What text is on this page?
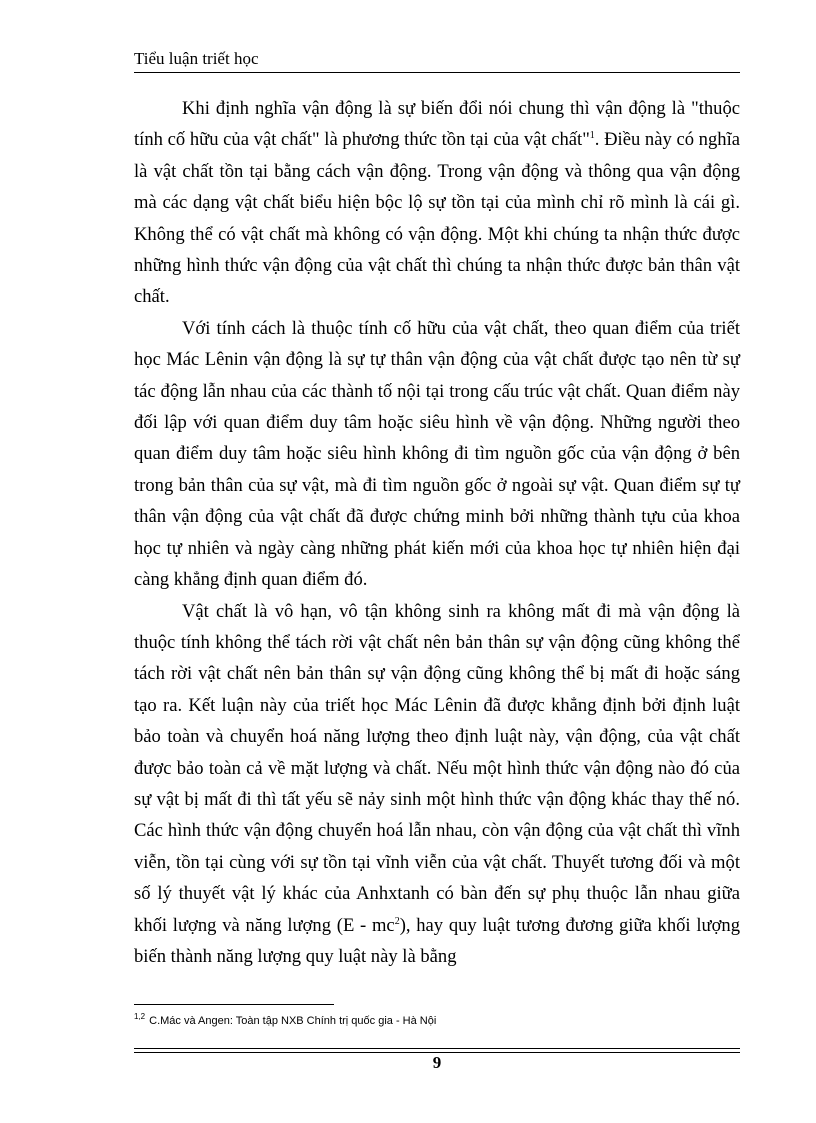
Tiểu luận triết học

Khi định nghĩa vận động là sự biến đổi nói chung thì vận động là "thuộc tính cố hữu của vật chất" là phương thức tồn tại của vật chất"$^1$. Điều này có nghĩa là vật chất tồn tại bằng cách vận động. Trong vận động và thông qua vận động mà các dạng vật chất biểu hiện bộc lộ sự tồn tại của mình chỉ rõ mình là cái gì. Không thể có vật chất mà không có vận động. Một khi chúng ta nhận thức được những hình thức vận động của vật chất thì chúng ta nhận thức được bản thân vật chất.

Với tính cách là thuộc tính cố hữu của vật chất, theo quan điểm của triết học Mác Lênin vận động là sự tự thân vận động của vật chất được tạo nên từ sự tác động lẫn nhau của các thành tố nội tại trong cấu trúc vật chất. Quan điểm này đối lập với quan điểm duy tâm hoặc siêu hình về vận động. Những người theo quan điểm duy tâm hoặc siêu hình không đi tìm nguồn gốc của vận động ở bên trong bản thân của sự vật, mà đi tìm nguồn gốc ở ngoài sự vật. Quan điểm sự tự thân vận động của vật chất đã được chứng minh bởi những thành tựu của khoa học tự nhiên và ngày càng những phát kiến mới của khoa học tự nhiên hiện đại càng khẳng định quan điểm đó.

Vật chất là vô hạn, vô tận không sinh ra không mất đi mà vận động là thuộc tính không thể tách rời vật chất nên bản thân sự vận động cũng không thể tách rời vật chất nên bản thân sự vận động cũng không thể bị mất đi hoặc sáng tạo ra. Kết luận này của triết học Mác Lênin đã được khẳng định bởi định luật bảo toàn và chuyển hoá năng lượng theo định luật này, vận động, của vật chất được bảo toàn cả về mặt lượng và chất. Nếu một hình thức vận động nào đó của sự vật bị mất đi thì tất yếu sẽ nảy sinh một hình thức vận động khác thay thế nó. Các hình thức vận động chuyển hoá lẫn nhau, còn vận động của vật chất thì vĩnh viễn, tồn tại cùng với sự tồn tại vĩnh viễn của vật chất. Thuyết tương đối và một số lý thuyết vật lý khác của Anhxtanh có bàn đến sự phụ thuộc lẫn nhau giữa khối lượng và năng lượng $(E - mc^2)$, hay quy luật tương đương giữa khối lượng biến thành năng lượng quy luật này là bằng

$^{1,2}$ C.Mác và Angen: Toàn tập NXB Chính trị quốc gia - Hà Nội
9
